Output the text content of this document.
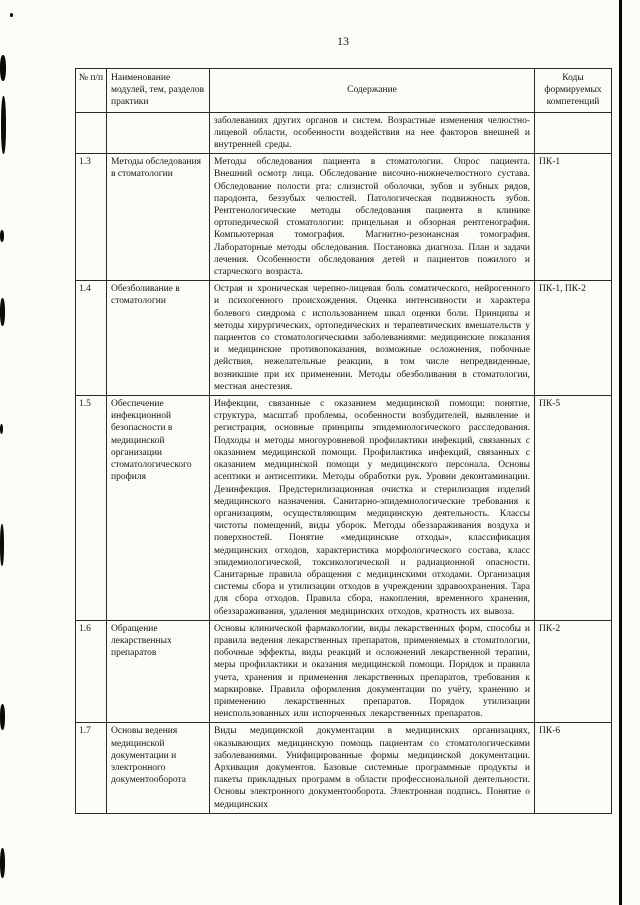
13
№ п/п	Наименование модулей, тем, разделов практики	Содержание	Коды формируемых компетенций
		заболеваниях других органов и систем. Возрастные изменения челюстно-лицевой области, особенности воздействия на нее факторов внешней и внутренней среды.	
1.3	Методы обследования в стоматологии	Методы обследования пациента в стоматологии. Опрос пациента. Внешний осмотр лица. Обследование височно-нижнечелюстного сустава. Обследование полости рта: слизистой оболочки, зубов и зубных рядов, пародонта, беззубых челюстей. Патологическая подвижность зубов. Рентгенологические методы обследования пациента в клинике ортопедической стоматологии: прицельная и обзорная рентгенография. Компьютерная томография. Магнитно-резонансная томография. Лабораторные методы обследования. Постановка диагноза. План и задачи лечения. Особенности обследования детей и пациентов пожилого и старческого возраста.	ПК-1
1.4	Обезболивание в стоматологии	Острая и хроническая черепно-лицевая боль соматического, нейрогенного и психогенного происхождения. Оценка интенсивности и характера болевого синдрома с использованием шкал оценки боли. Принципы и методы хирургических, ортопедических и терапевтических вмешательств у пациентов со стоматологическими заболеваниями: медицинские показания и медицинские противопоказания, возможные осложнения, побочные действия, нежелательные реакции, в том числе непредвиденные, возникшие при их применении. Методы обезболивания в стоматологии, местная анестезия.	ПК-1, ПК-2
1.5	Обеспечение инфекционной безопасности в медицинской организации стоматологического профиля	Инфекции, связанные с оказанием медицинской помощи: понятие, структура, масштаб проблемы, особенности возбудителей, выявление и регистрация, основные принципы эпидемиологического расследования. Подходы и методы многоуровневой профилактики инфекций, связанных с оказанием медицинской помощи. Профилактика инфекций, связанных с оказанием медицинской помощи у медицинского персонала. Основы асептики и антисептики. Методы обработки рук. Уровни деконтаминации. Дезинфекция. Предстерилизационная очистка и стерилизация изделий медицинского назначения. Санитарно-эпидемиологические требования к организациям, осуществляющим медицинскую деятельность. Классы чистоты помещений, виды уборок. Методы обеззараживания воздуха и поверхностей. Понятие «медицинские отходы», классификация медицинских отходов, характеристика морфологического состава, класс эпидемиологической, токсикологической и радиационной опасности. Санитарные правила обращения с медицинскими отходами. Организация системы сбора и утилизации отходов в учреждении здравоохранения. Тара для сбора отходов. Правила сбора, накопления, временного хранения, обеззараживания, удаления медицинских отходов, кратность их вывоза.	ПК-5
1.6	Обращение лекарственных препаратов	Основы клинической фармакологии, виды лекарственных форм, способы и правила ведения лекарственных препаратов, применяемых в стоматологии, побочные эффекты, виды реакций и осложнений лекарственной терапии, меры профилактики и оказания медицинской помощи. Порядок и правила учета, хранения и применения лекарственных препаратов, требования к маркировке. Правила оформления документации по учёту, хранению и применению лекарственных препаратов. Порядок утилизации неиспользованных или испорченных лекарственных препаратов.	ПК-2
1.7	Основы ведения медицинской документации и электронного документооборота	Виды медицинской документации в медицинских организациях, оказывающих медицинскую помощь пациентам со стоматологическими заболеваниями. Унифицированные формы медицинской документации. Архивация документов. Базовые системные программные продукты и пакеты прикладных программ в области профессиональной деятельности. Основы электронного документооборота. Электронная подпись. Понятие о медицинских	ПК-6
